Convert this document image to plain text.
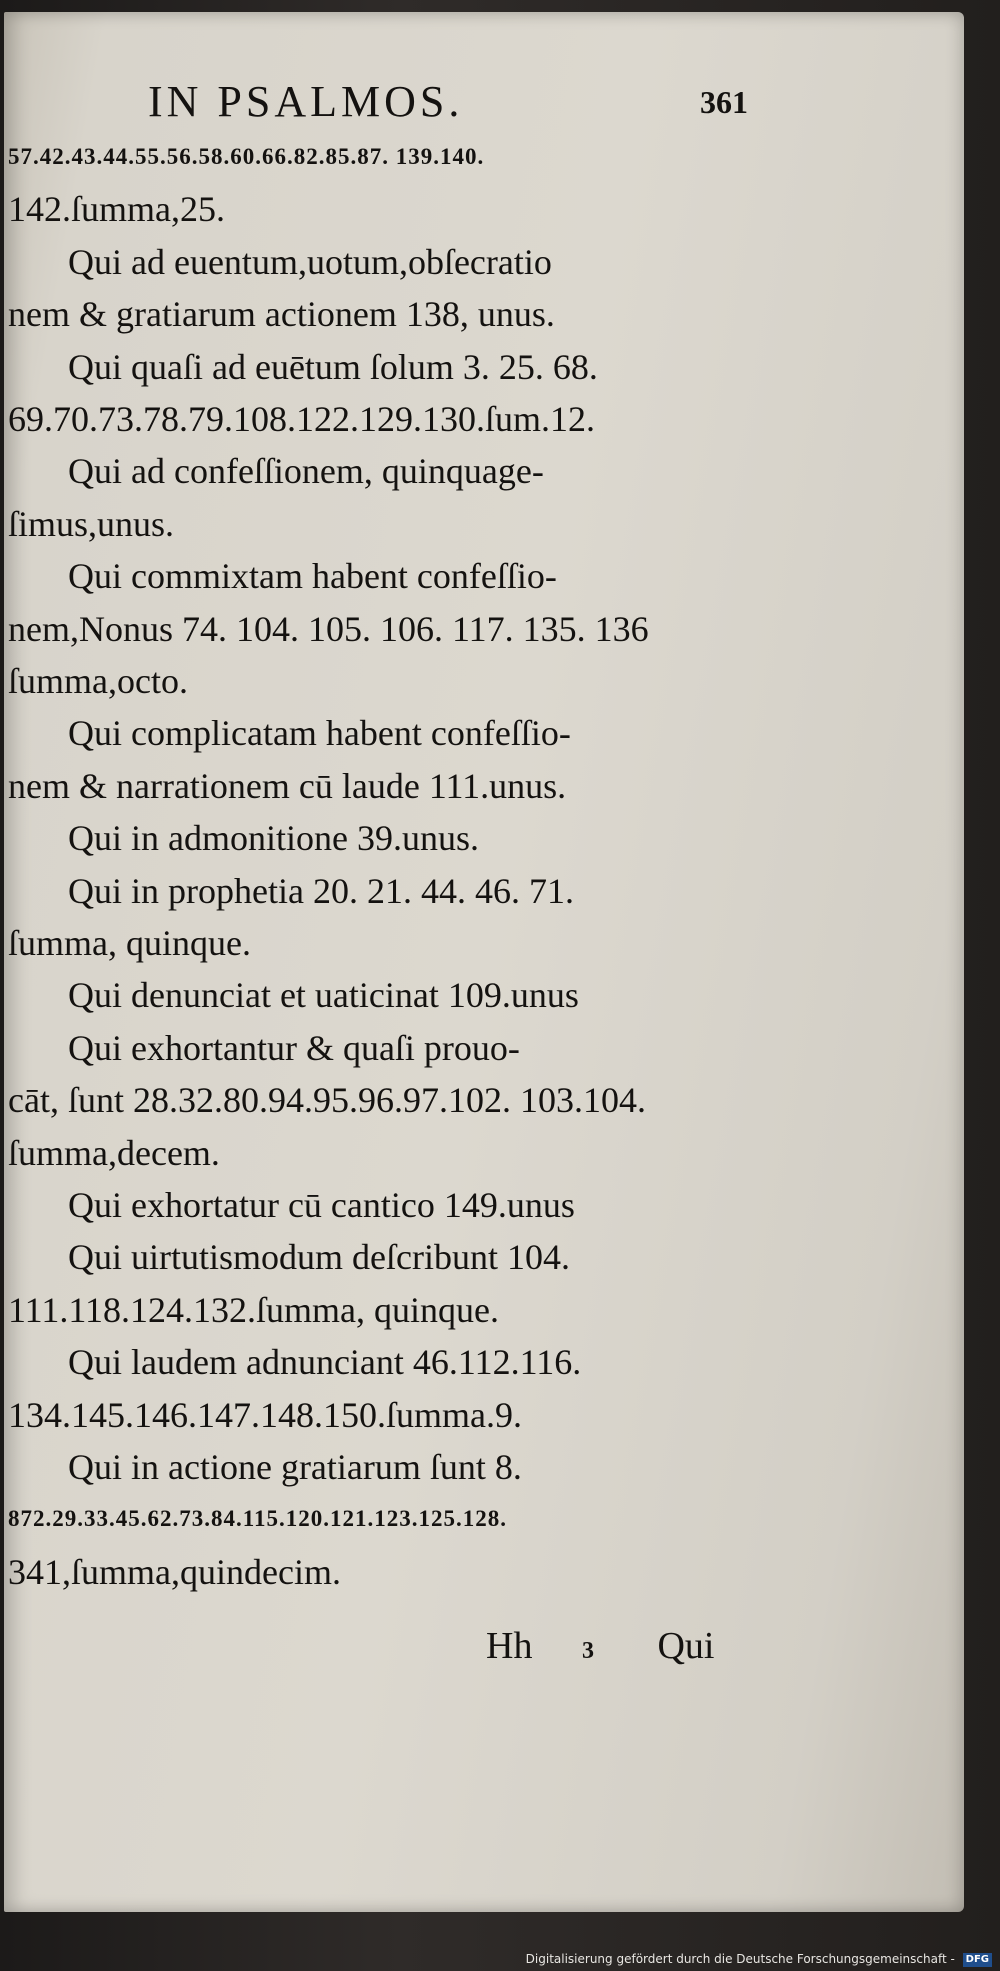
IN PSALMOS.	361
57.42.43.44.55.56.58.60.66.82.85.87. 139.140.
142.ſumma,25.
Qui ad euentum,uotum,obſecratio
nem & gratiarum actionem 138, unus.
Qui quaſi ad euētum ſolum 3. 25. 68.
69.70.73.78.79.108.122.129.130.ſum.12.
Qui ad confeſſionem, quinquage-
ſimus,unus.
Qui commixtam habent confeſſio-
nem,Nonus 74. 104. 105. 106. 117. 135. 136
ſumma,octo.
Qui complicatam habent confeſſio-
nem & narrationem cū laude 111.unus.
Qui in admonitione 39.unus.
Qui in prophetia 20. 21. 44. 46. 71.
ſumma, quinque.
Qui denunciat et uaticinat 109.unus
Qui exhortantur & quaſi prouo-
cāt, ſunt 28.32.80.94.95.96.97.102. 103.104.
ſumma,decem.
Qui exhortatur cū cantico 149.unus
Qui uirtutismodum deſcribunt 104.
111.118.124.132.ſumma, quinque.
Qui laudem adnunciant 46.112.116.
134.145.146.147.148.150.ſumma.9.
Qui in actione gratiarum ſunt 8.
872.29.33.45.62.73.84.115.120.121.123.125.128.
341,ſumma,quindecim.
Hh 3 Qui
Digitalisierung gefördert durch die Deutsche Forschungsgemeinschaft - DFG
